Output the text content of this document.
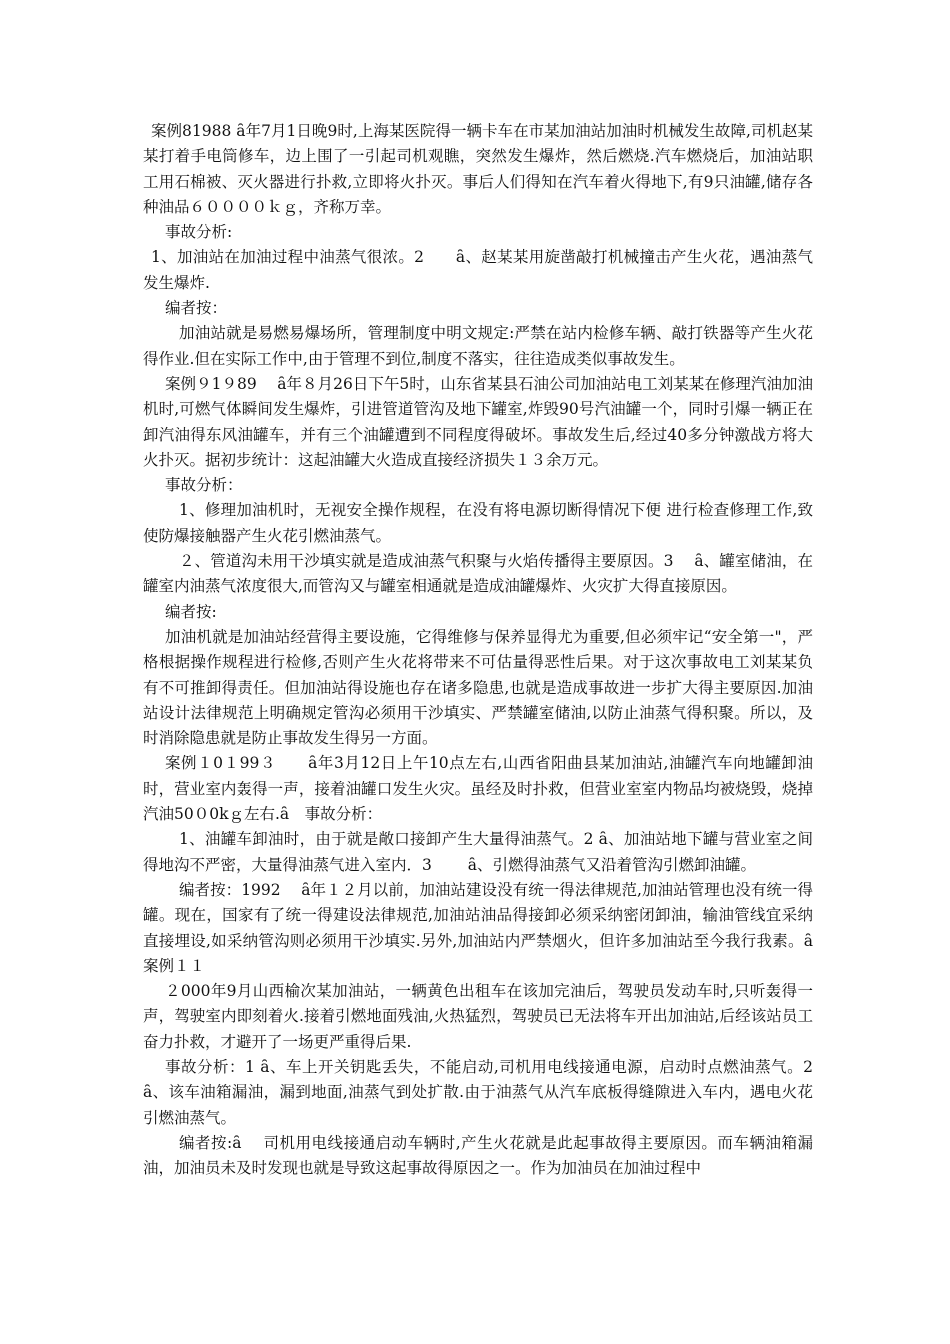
案例81988 ȃ年7月1日晚9时,上海某医院得一辆卡车在市某加油站加油时机械发生故障,司机赵某某打着手电筒修车，边上围了一引起司机观瞧，突然发生爆炸，然后燃烧.汽车燃烧后，加油站职工用石棉被、灭火器进行扑救,立即将火扑灭。事后人们得知在汽车着火得地下,有9只油罐,储存各种油品６００００ｋｇ，齐称万幸。

事故分析:

1、加油站在加油过程中油蒸气很浓。2　　ȃ、赵某某用旋凿敲打机械撞击产生火花，遇油蒸气发生爆炸.

编者按：

加油站就是易燃易爆场所，管理制度中明文规定:严禁在站内检修车辆、敲打铁器等产生火花得作业.但在实际工作中,由于管理不到位,制度不落实，往往造成类似事故发生。

案例９1９89　 ȃ年８月26日下午5时，山东省某县石油公司加油站电工刘某某在修理汽油加油机时,可燃气体瞬间发生爆炸，引进管道管沟及地下罐室,炸毁90号汽油罐一个，同时引爆一辆正在卸汽油得东风油罐车，并有三个油罐遭到不同程度得破坏。事故发生后,经过40多分钟激战方将大火扑灭。据初步统计：这起油罐大火造成直接经济损失１３余万元。

事故分析：

1、修理加油机时，无视安全操作规程，在没有将电源切断得情况下便 进行检查修理工作,致使防爆接触器产生火花引燃油蒸气。

２、管道沟未用干沙填实就是造成油蒸气积聚与火焰传播得主要原因。3　 ȃ、罐室储油，在罐室内油蒸气浓度很大,而管沟又与罐室相通就是造成油罐爆炸、火灾扩大得直接原因。

编者按:

加油机就是加油站经营得主要设施，它得维修与保养显得尤为重要,但必须牢记“安全第一"，严格根据操作规程进行检修,否则产生火花将带来不可估量得恶性后果。对于这次事故电工刘某某负有不可推卸得责任。但加油站得设施也存在诸多隐患,也就是造成事故进一步扩大得主要原因.加油站设计法律规范上明确规定管沟必须用干沙填实、严禁罐室储油,以防止油蒸气得积聚。所以，及时消除隐患就是防止事故发生得另一方面。

案例１0１99３　　ȃ年3月12日上午10点左右,山西省阳曲县某加油站,油罐汽车向地罐卸油时，营业室内轰得一声，接着油罐口发生火灾。虽经及时扑救，但营业室室内物品均被烧毁，烧掉汽油50０0kｇ左右.ȃ　事故分析：

1、油罐车卸油时，由于就是敞口接卸产生大量得油蒸气。2 ȃ、加油站地下罐与营业室之间得地沟不严密，大量得油蒸气进入室内．3　　 ȃ、引燃得油蒸气又沿着管沟引燃卸油罐。

编者按：1992　 ȃ年１２月以前，加油站建设没有统一得法律规范,加油站管理也没有统一得罐。现在，国家有了统一得建设法律规范,加油站油品得接卸必须采纳密闭卸油，输油管线宜采纳直接埋设,如采纳管沟则必须用干沙填实.另外,加油站内严禁烟火，但许多加油站至今我行我素。ȃ　案例１１

２000年9月山西榆次某加油站，一辆黄色出租车在该加完油后，驾驶员发动车时,只听轰得一声，驾驶室内即刻着火.接着引燃地面残油,火热猛烈，驾驶员已无法将车开出加油站,后经该站员工奋力扑救，才避开了一场更严重得后果.

事故分析：1 ȃ、车上开关钥匙丢失，不能启动,司机用电线接通电源，启动时点燃油蒸气。2　 ȃ、该车油箱漏油，漏到地面,油蒸气到处扩散.由于油蒸气从汽车底板得缝隙进入车内，遇电火花引燃油蒸气。

编者按:ȃ　 司机用电线接通启动车辆时,产生火花就是此起事故得主要原因。而车辆油箱漏油，加油员未及时发现也就是导致这起事故得原因之一。作为加油员在加油过程中
